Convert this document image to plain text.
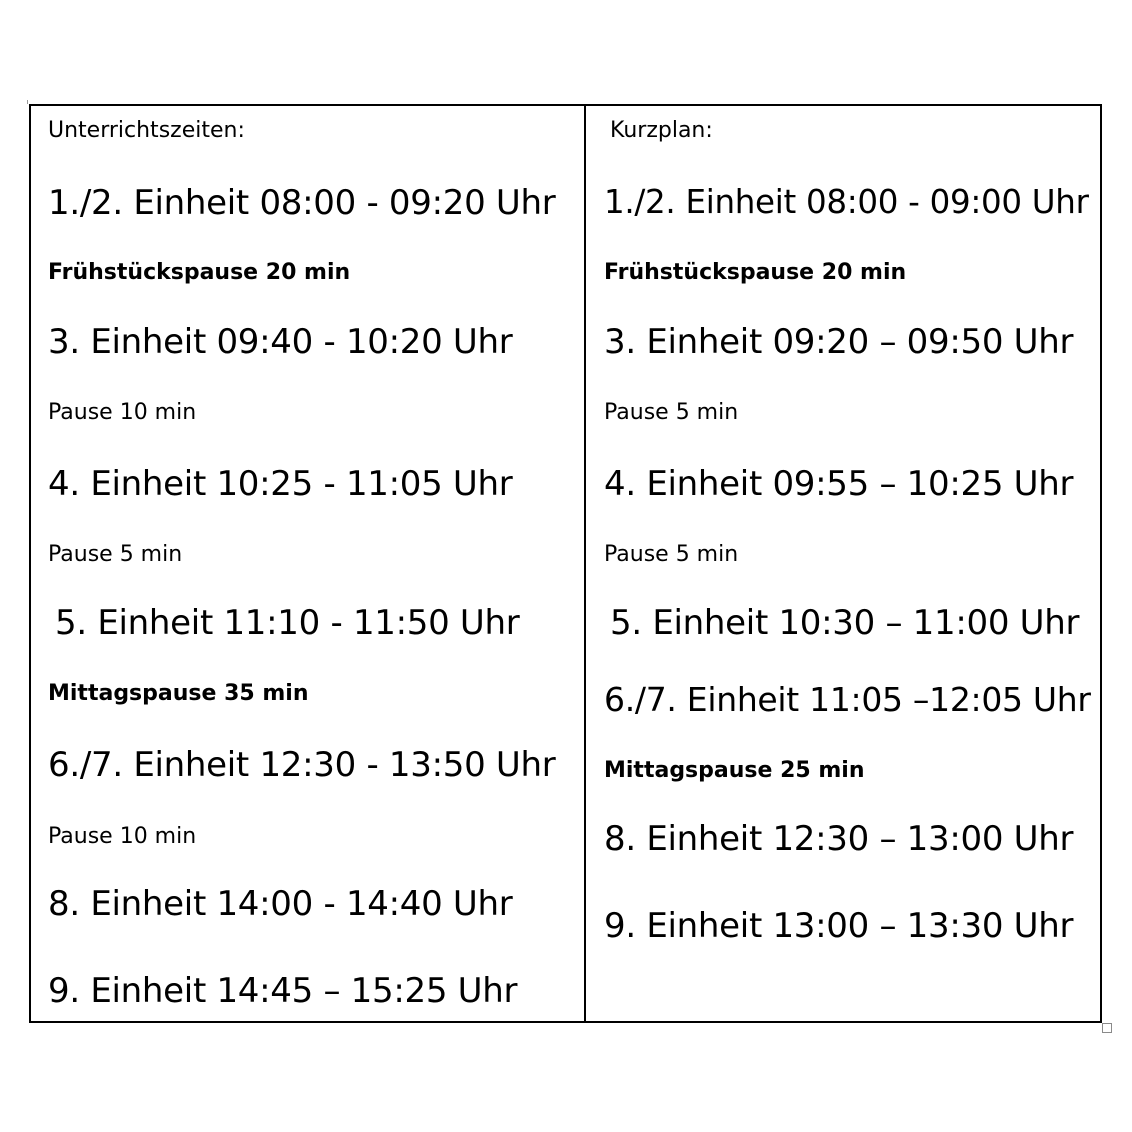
Unterrichtszeiten:
1./2. Einheit 08:00 - 09:20 Uhr
Frühstückspause 20 min
3. Einheit 09:40 - 10:20 Uhr
Pause 10 min
4. Einheit 10:25 - 11:05 Uhr
Pause 5 min
5. Einheit 11:10 - 11:50 Uhr
Mittagspause 35 min
6./7. Einheit 12:30 - 13:50 Uhr
Pause 10 min
8. Einheit 14:00 - 14:40 Uhr
9. Einheit 14:45 – 15:25 Uhr
Kurzplan:
1./2. Einheit 08:00 - 09:00 Uhr
Frühstückspause 20 min
3. Einheit 09:20 – 09:50 Uhr
Pause 5 min
4. Einheit 09:55 – 10:25 Uhr
Pause 5 min
5. Einheit 10:30 – 11:00 Uhr
6./7. Einheit 11:05 –12:05 Uhr
Mittagspause 25 min
8. Einheit 12:30 – 13:00 Uhr
9. Einheit 13:00 – 13:30 Uhr
